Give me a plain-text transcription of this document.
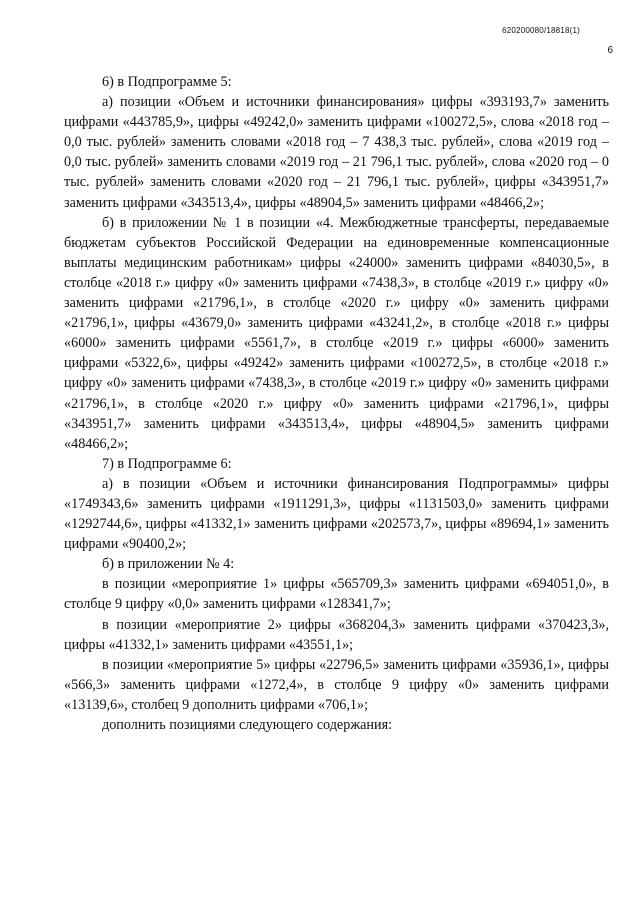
620200080/18818(1)
6

6) в Подпрограмме 5:

а) позиции «Объем и источники финансирования» цифры «393193,7» заменить цифрами «443785,9», цифры «49242,0» заменить цифрами «100272,5», слова «2018 год – 0,0 тыс. рублей» заменить словами «2018 год – 7 438,3 тыс. рублей», слова «2019 год – 0,0 тыс. рублей» заменить словами «2019 год – 21 796,1 тыс. рублей», слова «2020 год – 0 тыс. рублей» заменить словами «2020 год – 21 796,1 тыс. рублей», цифры «343951,7» заменить цифрами «343513,4», цифры «48904,5» заменить цифрами «48466,2»;

б) в приложении № 1 в позиции «4. Межбюджетные трансферты, передаваемые бюджетам субъектов Российской Федерации на единовременные компенсационные выплаты медицинским работникам» цифры «24000» заменить цифрами «84030,5», в столбце «2018 г.» цифру «0» заменить цифрами «7438,3», в столбце «2019 г.» цифру «0» заменить цифрами «21796,1», в столбце «2020 г.» цифру «0» заменить цифрами «21796,1», цифры «43679,0» заменить цифрами «43241,2», в столбце «2018 г.» цифры «6000» заменить цифрами «5561,7», в столбце «2019 г.» цифры «6000» заменить цифрами «5322,6», цифры «49242» заменить цифрами «100272,5», в столбце «2018 г.» цифру «0» заменить цифрами «7438,3», в столбце «2019 г.» цифру «0» заменить цифрами «21796,1», в столбце «2020 г.» цифру «0» заменить цифрами «21796,1», цифры «343951,7» заменить цифрами «343513,4», цифры «48904,5» заменить цифрами «48466,2»;

7) в Подпрограмме 6:

а) в позиции «Объем и источники финансирования Подпрограммы» цифры «1749343,6» заменить цифрами «1911291,3», цифры «1131503,0» заменить цифрами «1292744,6», цифры «41332,1» заменить цифрами «202573,7», цифры «89694,1» заменить цифрами «90400,2»;

б) в приложении № 4:

в позиции «мероприятие 1» цифры «565709,3» заменить цифрами «694051,0», в столбце 9 цифру «0,0» заменить цифрами «128341,7»;

в позиции «мероприятие 2» цифры «368204,3» заменить цифрами «370423,3», цифры «41332,1» заменить цифрами «43551,1»;

в позиции «мероприятие 5» цифры «22796,5» заменить цифрами «35936,1», цифры «566,3» заменить цифрами «1272,4», в столбце 9 цифру «0» заменить цифрами «13139,6», столбец 9 дополнить цифрами «706,1»;

дополнить позициями следующего содержания:
